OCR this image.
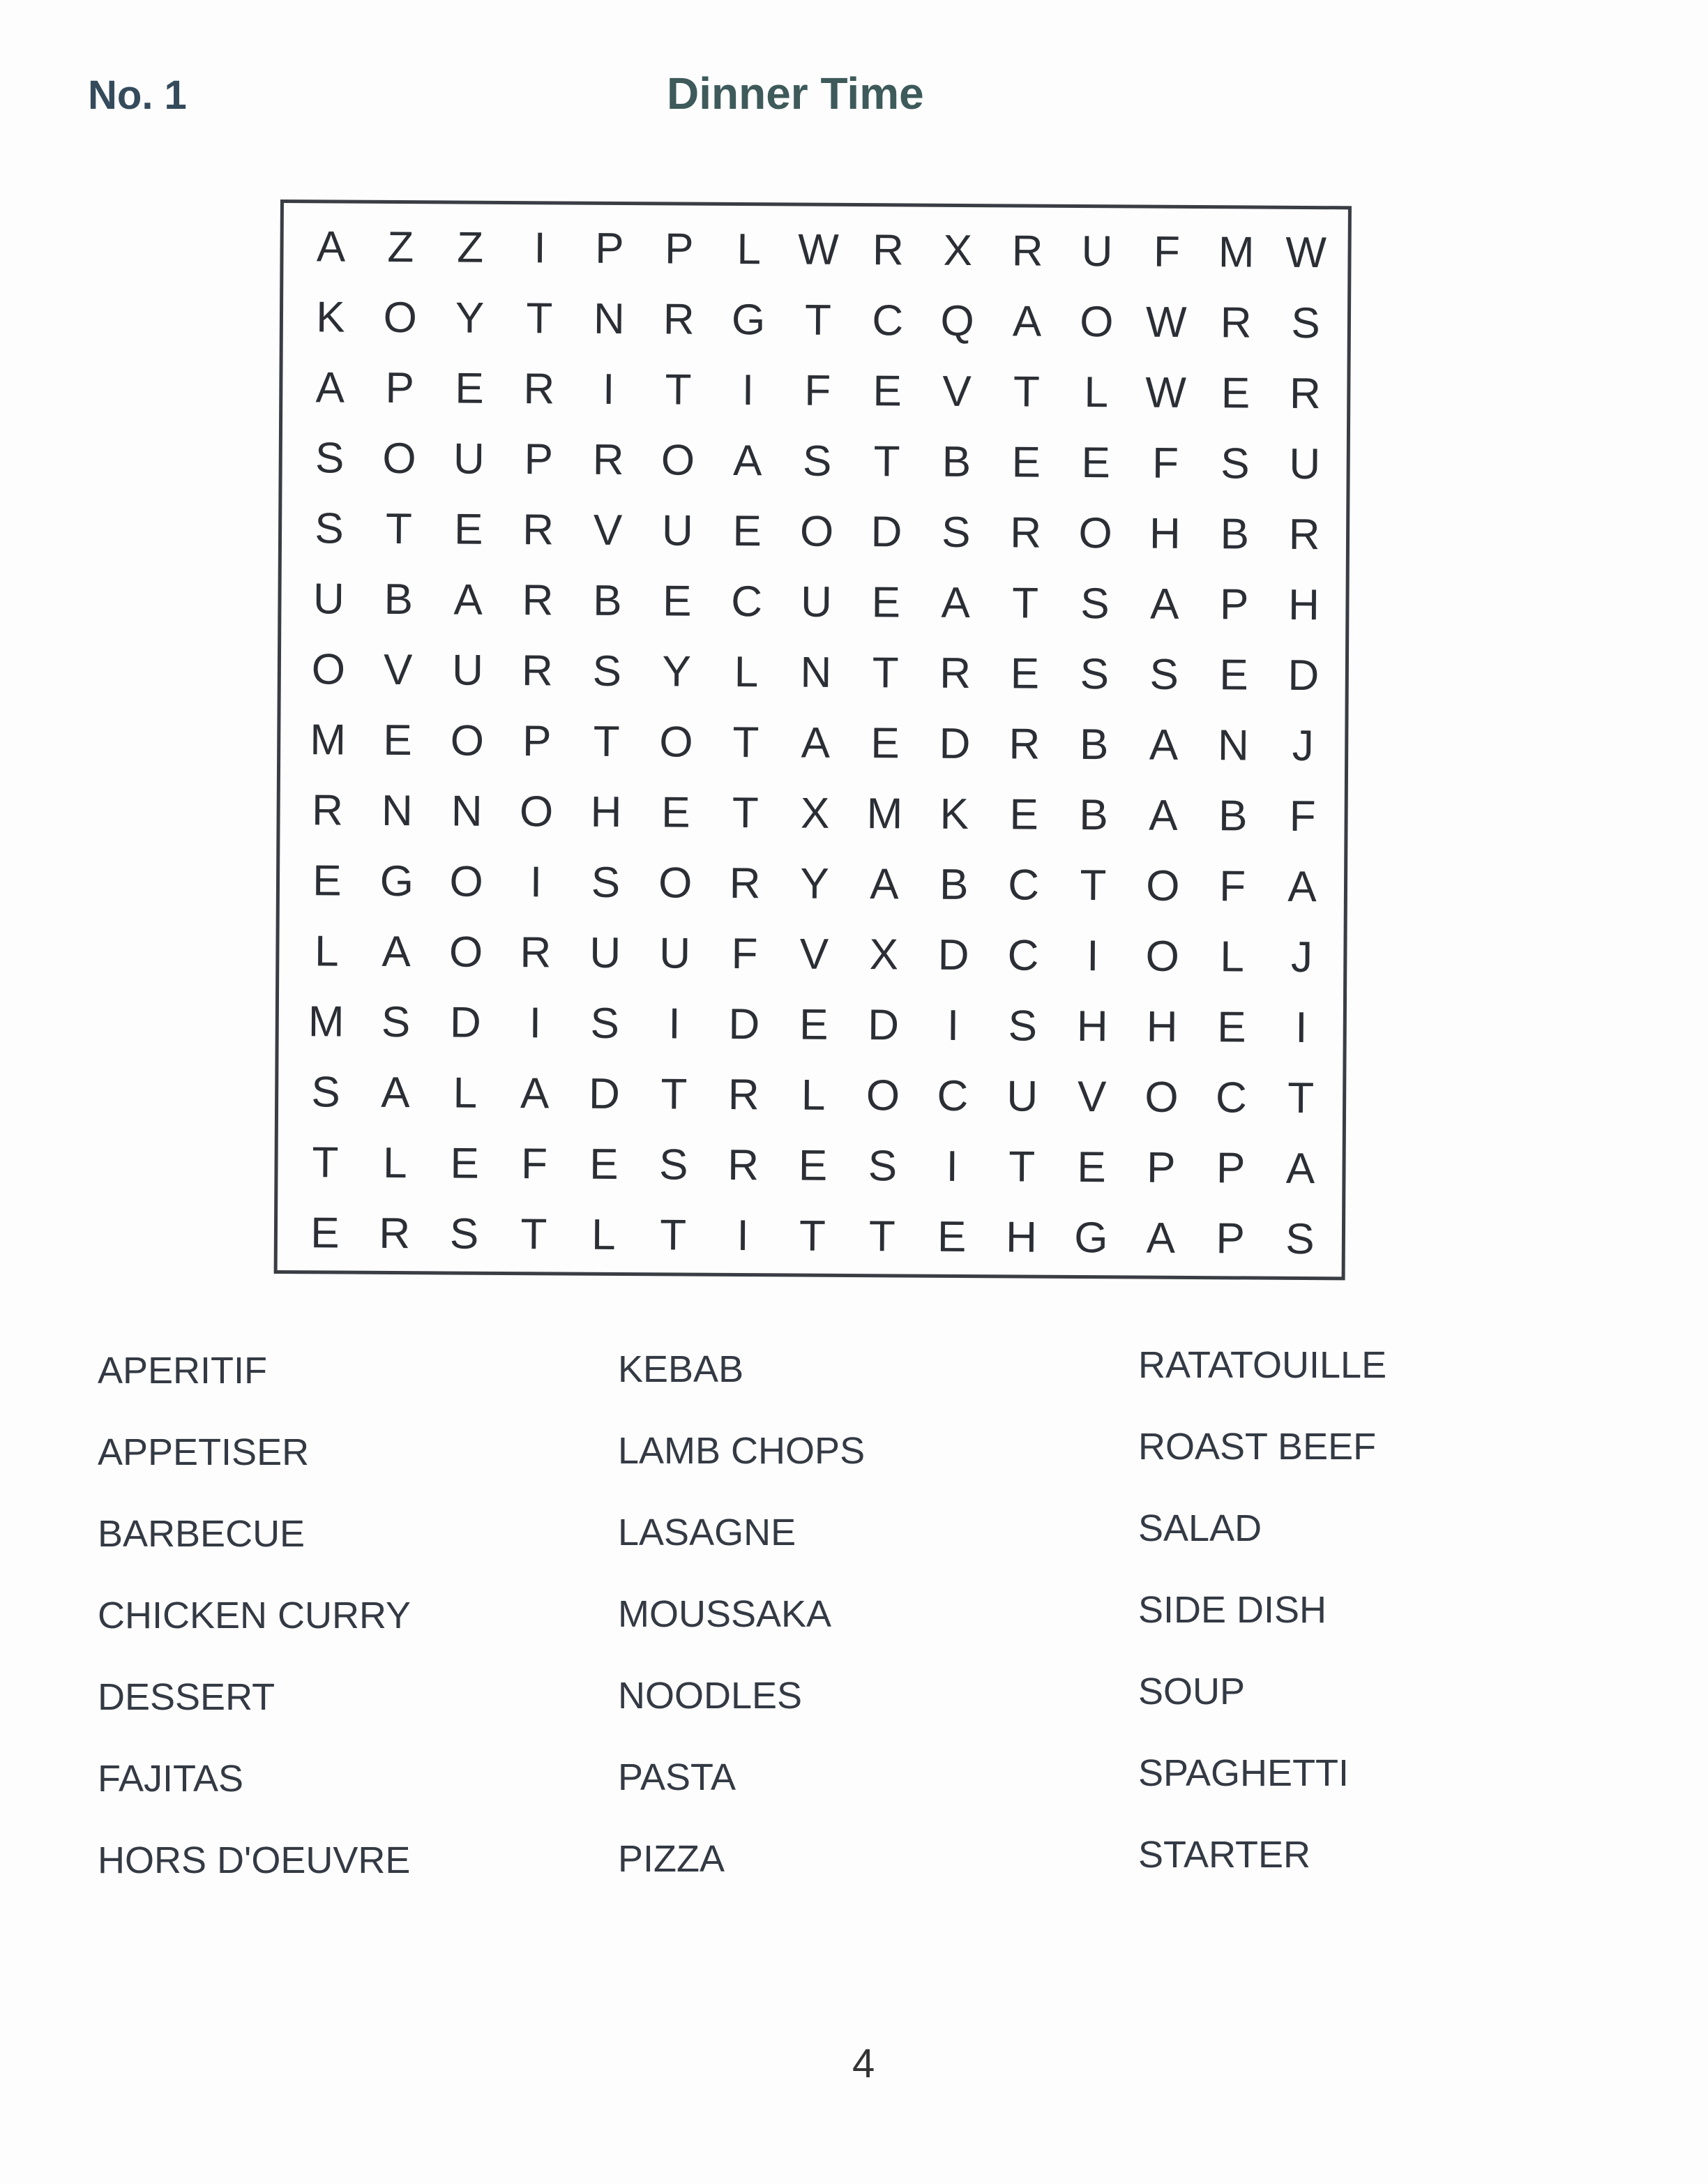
No. 1	Dinner Time
A Z Z	I	P P L W R X R U F M W
K O Y T N R G T C Q A O W R S
A P E R	I	T	I	F E V T	L W E R
S O U P R O A S T B E E F S U
S T E R V U E O D S R O H B R
U B A R B E C U E A T S A P H
O V U R S Y L N T R E S S E D
M E O P T O T A E D R B A N J
R N N O H E T X M K E B A B F
E G O	I	S O R Y A B C T O F A
L A O R U U F V X D C	I	O L	J
M S D	I	S	I	D E D	I	S H H E	I
S A L A D T R L O C U V O C T
T	L E F E S R E S	I	T E P P A
E R S T	L	T	I	T T E H G A P S
APERITIF
APPETISER
BARBECUE
CHICKEN CURRY
DESSERT
FAJITAS
HORS D'OEUVRE
KEBAB
LAMB CHOPS
LASAGNE
MOUSSAKA
NOODLES
PASTA
PIZZA
RATATOUILLE
ROAST BEEF
SALAD
SIDE DISH
SOUP
SPAGHETTI
STARTER
4
